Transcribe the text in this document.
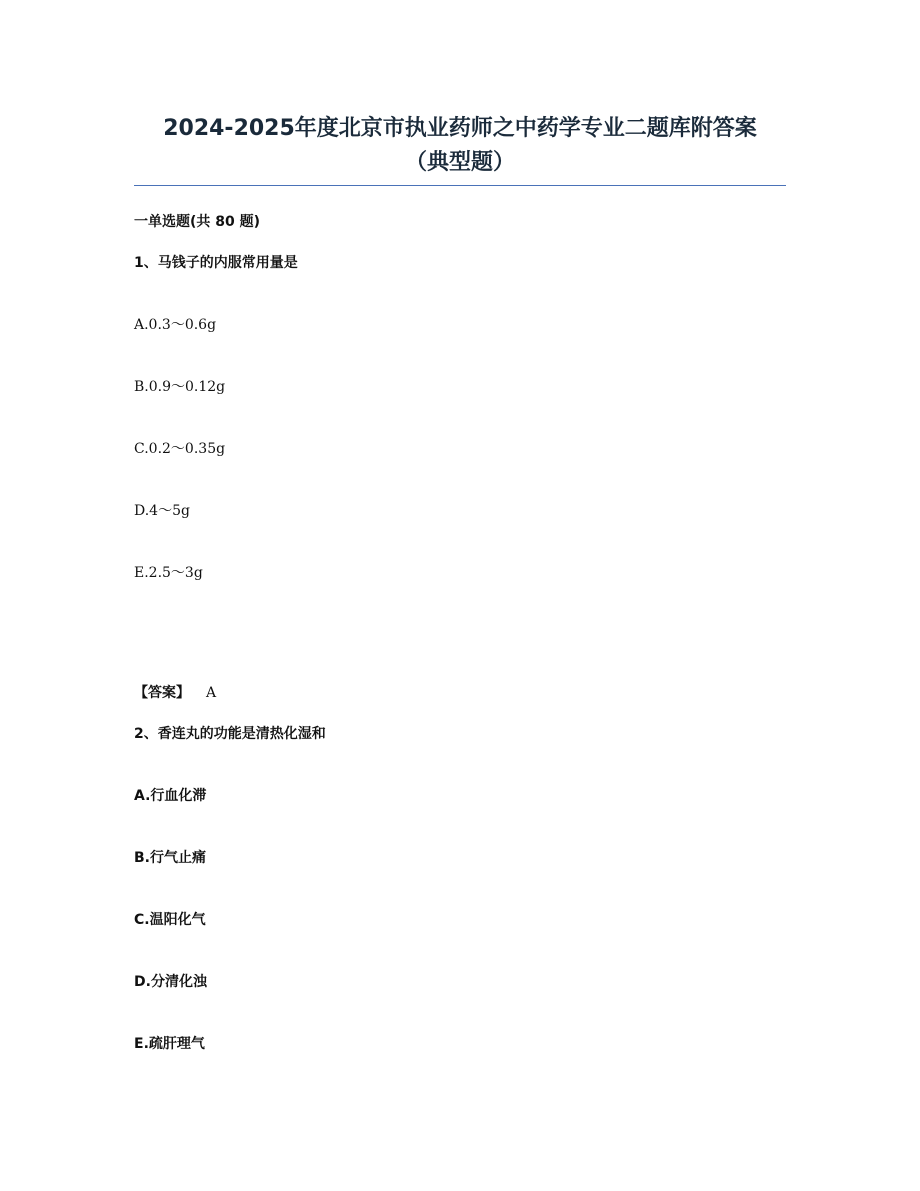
2024-2025年度北京市执业药师之中药学专业二题库附答案
（典型题）
一单选题(共 80 题)
1、马钱子的内服常用量是
A.0.3～0.6g
B.0.9～0.12g
C.0.2～0.35g
D.4～5g
E.2.5～3g
【答案】 A
2、香连丸的功能是清热化湿和
A.行血化滞
B.行气止痛
C.温阳化气
D.分清化浊
E.疏肝理气
